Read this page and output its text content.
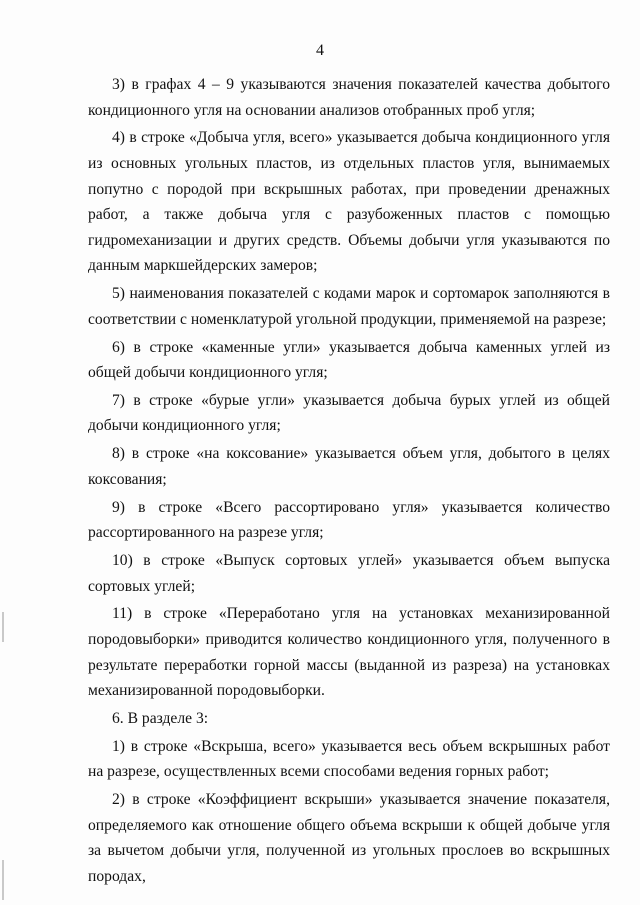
4

3) в графах 4 – 9 указываются значения показателей качества добытого кондиционного угля на основании анализов отобранных проб угля;

4) в строке «Добыча угля, всего» указывается добыча кондиционного угля из основных угольных пластов, из отдельных пластов угля, вынимаемых попутно с породой при вскрышных работах, при проведении дренажных работ, а также добыча угля с разубоженных пластов с помощью гидромеханизации и других средств. Объемы добычи угля указываются по данным маркшейдерских замеров;

5) наименования показателей с кодами марок и сортомарок заполняются в соответствии с номенклатурой угольной продукции, применяемой на разрезе;

6) в строке «каменные угли» указывается добыча каменных углей из общей добычи кондиционного угля;

7) в строке «бурые угли» указывается добыча бурых углей из общей добычи кондиционного угля;

8) в строке «на коксование» указывается объем угля, добытого в целях коксования;

9) в строке «Всего рассортировано угля» указывается количество рассортированного на разрезе угля;

10) в строке «Выпуск сортовых углей» указывается объем выпуска сортовых углей;

11) в строке «Переработано угля на установках механизированной породовыборки» приводится количество кондиционного угля, полученного в результате переработки горной массы (выданной из разреза) на установках механизированной породовыборки.

6. В разделе 3:

1) в строке «Вскрыша, всего» указывается весь объем вскрышных работ на разрезе, осуществленных всеми способами ведения горных работ;

2) в строке «Коэффициент вскрыши» указывается значение показателя, определяемого как отношение общего объема вскрыши к общей добыче угля за вычетом добычи угля, полученной из угольных прослоев во вскрышных породах,
